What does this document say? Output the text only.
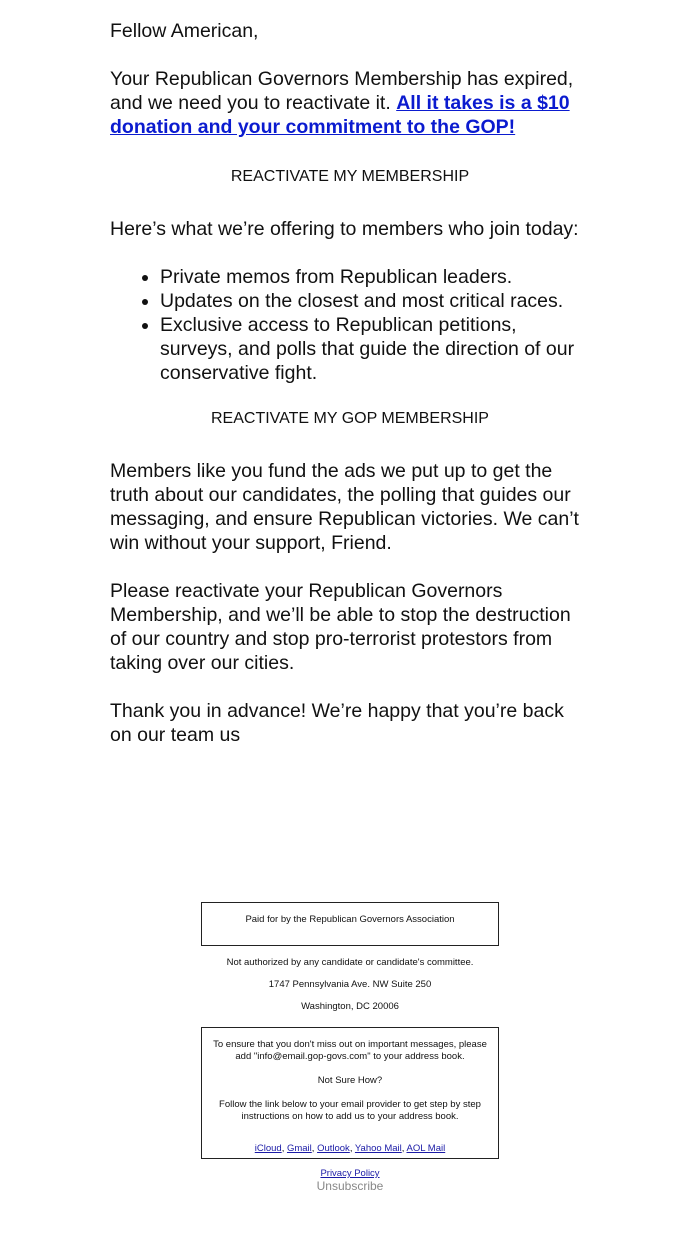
Fellow American,

Your Republican Governors Membership has expired, and we need you to reactivate it. All it takes is a $10 donation and your commitment to the GOP!

REACTIVATE MY MEMBERSHIP

Here’s what we’re offering to members who join today:

• Private memos from Republican leaders.
• Updates on the closest and most critical races.
• Exclusive access to Republican petitions, surveys, and polls that guide the direction of our conservative fight.
REACTIVATE MY GOP MEMBERSHIP

Members like you fund the ads we put up to get the truth about our candidates, the polling that guides our messaging, and ensure Republican victories. We can’t win without your support, Friend.

Please reactivate your Republican Governors Membership, and we’ll be able to stop the destruction of our country and stop pro-terrorist protestors from taking over our cities.

Thank you in advance! We’re happy that you’re back on our team us

Paid for by the Republican Governors Association

Not authorized by any candidate or candidate's committee.

1747 Pennsylvania Ave. NW Suite 250

Washington, DC 20006

To ensure that you don't miss out on important messages, please add "info@email.gop-govs.com" to your address book.

Not Sure How?

Follow the link below to your email provider to get step by step instructions on how to add us to your address book.

iCloud, Gmail, Outlook, Yahoo Mail, AOL Mail

Privacy Policy
Unsubscribe
